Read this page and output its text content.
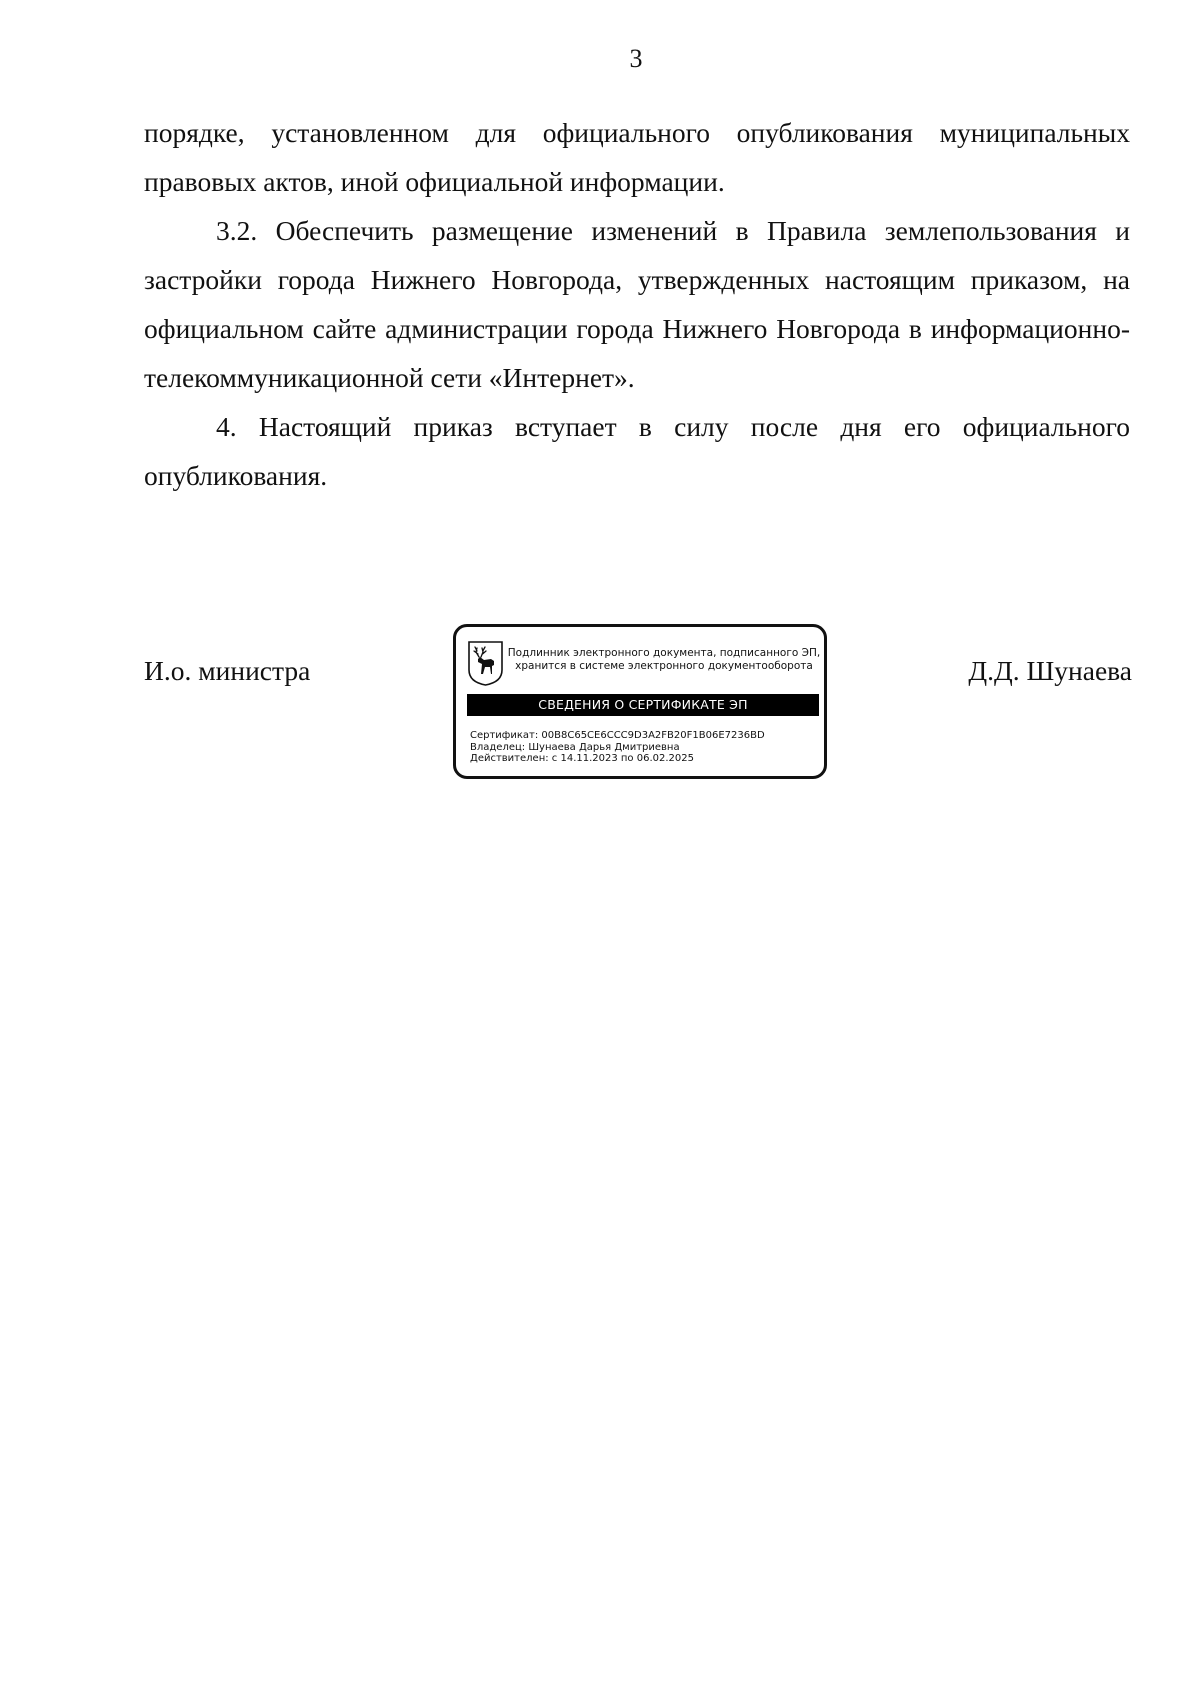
3

порядке, установленном для официального опубликования муниципальных правовых актов, иной официальной информации.

3.2. Обеспечить размещение изменений в Правила землепользования и застройки города Нижнего Новгорода, утвержденных настоящим приказом, на официальном сайте администрации города Нижнего Новгорода в информационно-телекоммуникационной сети «Интернет».

4. Настоящий приказ вступает в силу после дня его официального опубликования.

И.о. министра
Подлинник электронного документа, подписанного ЭП,
хранится в системе электронного документооборота
СВЕДЕНИЯ О СЕРТИФИКАТЕ ЭП
Сертификат: 00B8C65CE6CCC9D3A2FB20F1B06E7236BD
Владелец: Шунаева Дарья Дмитриевна
Действителен: с 14.11.2023 по 06.02.2025
Д.Д. Шунаева
